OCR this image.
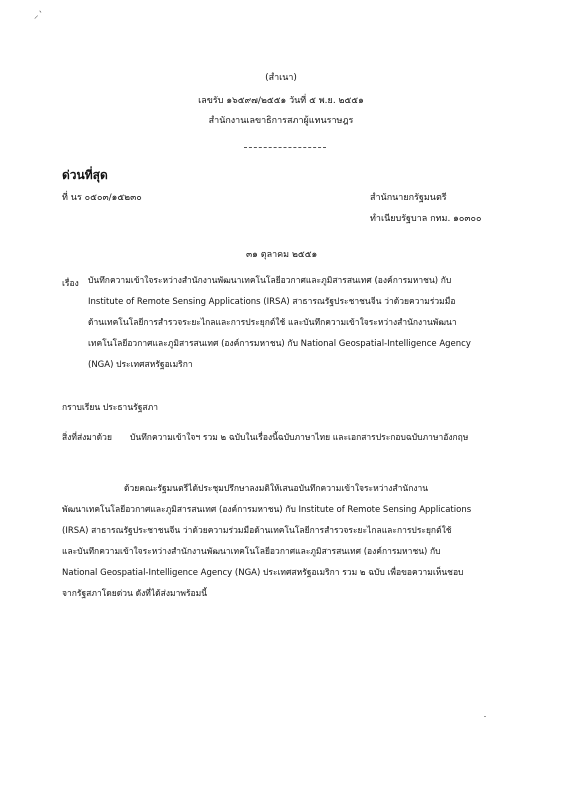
⸝ˋ
(สำเนา)
เลขรับ ๑๖๕๙๗/๒๕๕๑ วันที่ ๕ พ.ย. ๒๕๕๑
สำนักงานเลขาธิการสภาผู้แทนราษฎร
ด่วนที่สุด
ที่ นร ๐๕๐๓/๑๕๒๓๐	สำนักนายกรัฐมนตรี
ทำเนียบรัฐบาล กทม. ๑๐๓๐๐
๓๑ ตุลาคม ๒๕๕๑
เรื่อง บันทึกความเข้าใจระหว่างสำนักงานพัฒนาเทคโนโลยีอวกาศและภูมิสารสนเทศ (องค์การมหาชน) กับ
Institute of Remote Sensing Applications (IRSA) สาธารณรัฐประชาชนจีน ว่าด้วยความร่วมมือ
ด้านเทคโนโลยีการสำรวจระยะไกลและการประยุกต์ใช้ และบันทึกความเข้าใจระหว่างสำนักงานพัฒนา
เทคโนโลยีอวกาศและภูมิสารสนเทศ (องค์การมหาชน) กับ National Geospatial-Intelligence Agency
(NGA) ประเทศสหรัฐอเมริกา
กราบเรียน ประธานรัฐสภา
สิ่งที่ส่งมาด้วย บันทึกความเข้าใจฯ รวม ๒ ฉบับในเรื่องนี้ฉบับภาษาไทย และเอกสารประกอบฉบับภาษาอังกฤษ
ด้วยคณะรัฐมนตรีได้ประชุมปรึกษาลงมติให้เสนอบันทึกความเข้าใจระหว่างสำนักงาน
พัฒนาเทคโนโลยีอวกาศและภูมิสารสนเทศ (องค์การมหาชน) กับ Institute of Remote Sensing Applications
(IRSA) สาธารณรัฐประชาชนจีน ว่าด้วยความร่วมมือด้านเทคโนโลยีการสำรวจระยะไกลและการประยุกต์ใช้
และบันทึกความเข้าใจระหว่างสำนักงานพัฒนาเทคโนโลยีอวกาศและภูมิสารสนเทศ (องค์การมหาชน) กับ
National Geospatial-Intelligence Agency (NGA) ประเทศสหรัฐอเมริกา รวม ๒ ฉบับ เพื่อขอความเห็นชอบ
จากรัฐสภาโดยด่วน ดังที่ได้ส่งมาพร้อมนี้
